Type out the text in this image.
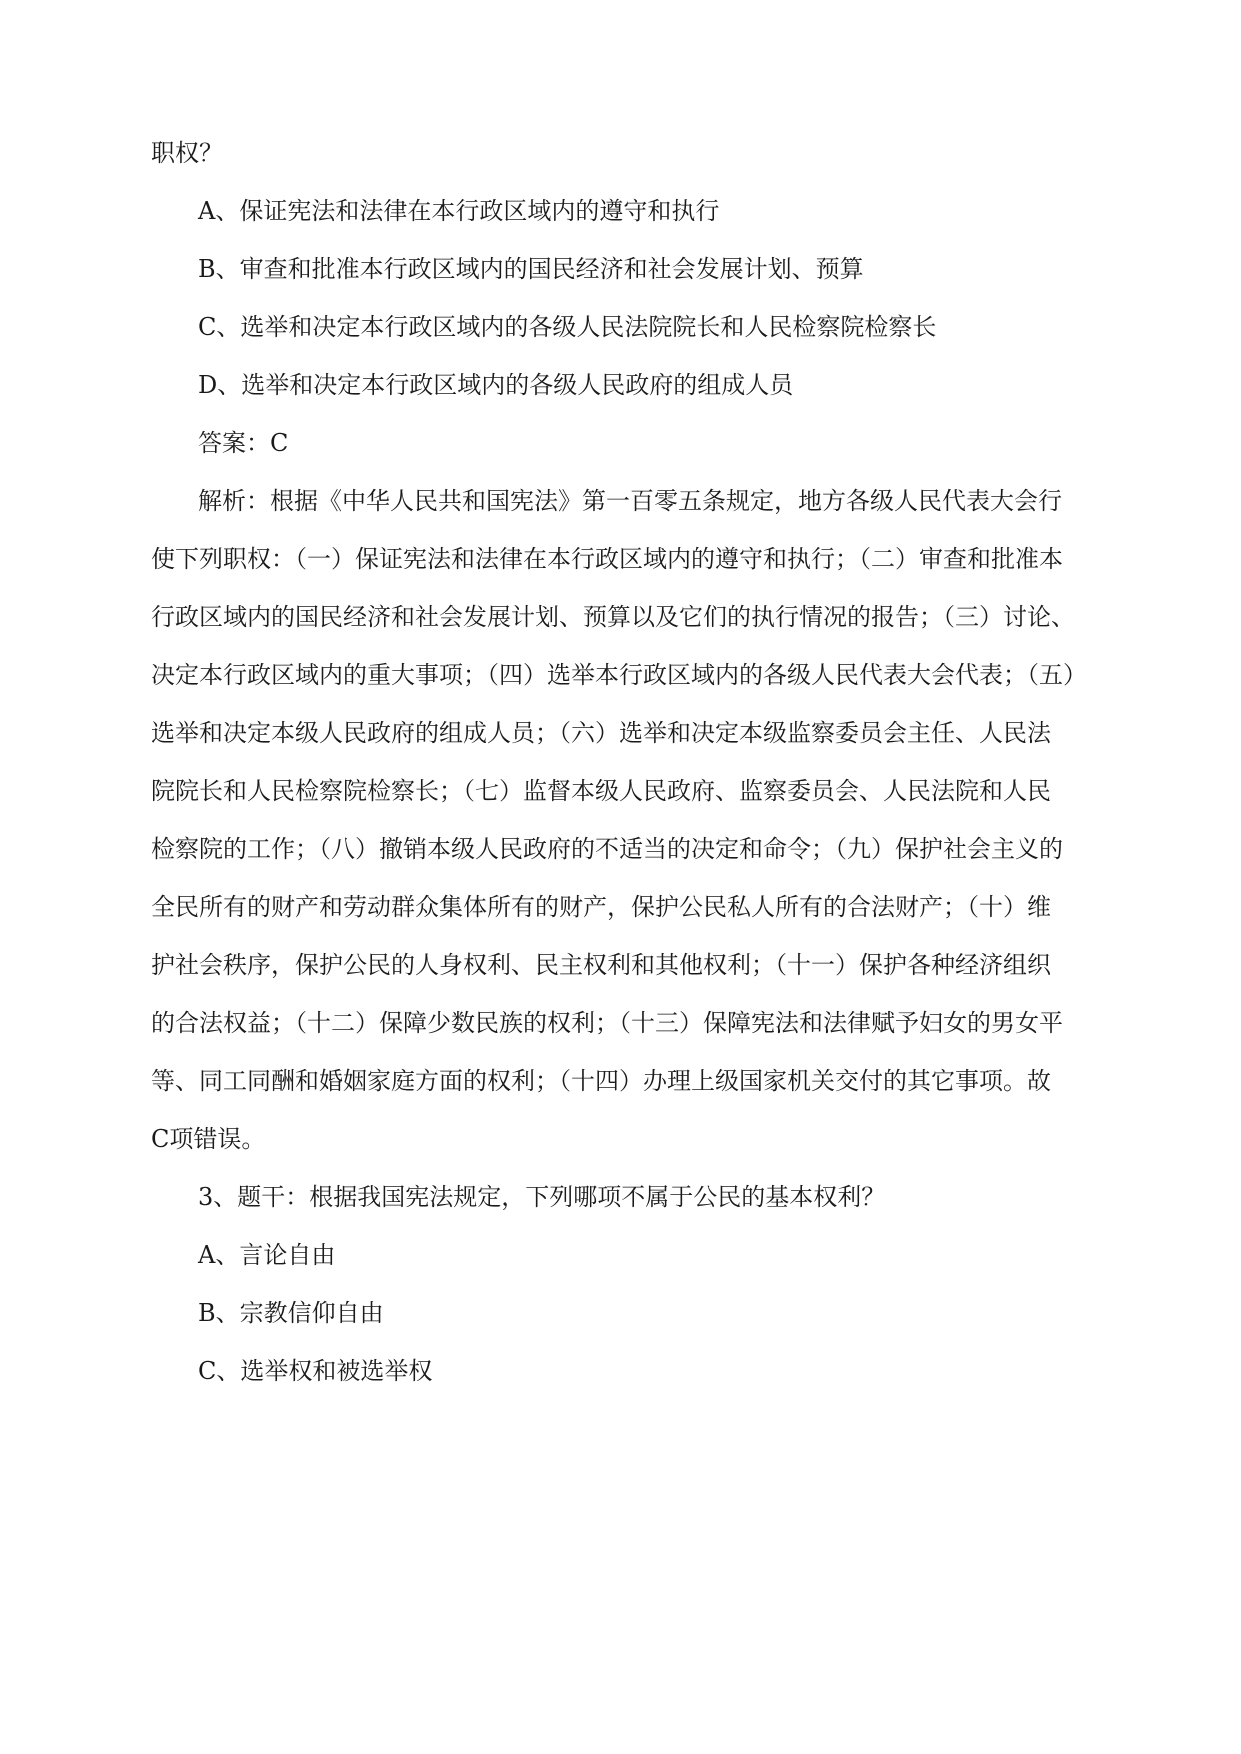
职权？
A、保证宪法和法律在本行政区域内的遵守和执行
B、审查和批准本行政区域内的国民经济和社会发展计划、预算
C、选举和决定本行政区域内的各级人民法院院长和人民检察院检察长
D、选举和决定本行政区域内的各级人民政府的组成人员
答案：C
解析：根据《中华人民共和国宪法》第一百零五条规定，地方各级人民代表大会行
使下列职权：（一）保证宪法和法律在本行政区域内的遵守和执行；（二）审查和批准本
行政区域内的国民经济和社会发展计划、预算以及它们的执行情况的报告；（三）讨论、
决定本行政区域内的重大事项；（四）选举本行政区域内的各级人民代表大会代表；（五）
选举和决定本级人民政府的组成人员；（六）选举和决定本级监察委员会主任、人民法
院院长和人民检察院检察长；（七）监督本级人民政府、监察委员会、人民法院和人民
检察院的工作；（八）撤销本级人民政府的不适当的决定和命令；（九）保护社会主义的
全民所有的财产和劳动群众集体所有的财产，保护公民私人所有的合法财产；（十）维
护社会秩序，保护公民的人身权利、民主权利和其他权利；（十一）保护各种经济组织
的合法权益；（十二）保障少数民族的权利；（十三）保障宪法和法律赋予妇女的男女平
等、同工同酬和婚姻家庭方面的权利；（十四）办理上级国家机关交付的其它事项。故
C项错误。
3、题干：根据我国宪法规定，下列哪项不属于公民的基本权利？
A、言论自由
B、宗教信仰自由
C、选举权和被选举权
